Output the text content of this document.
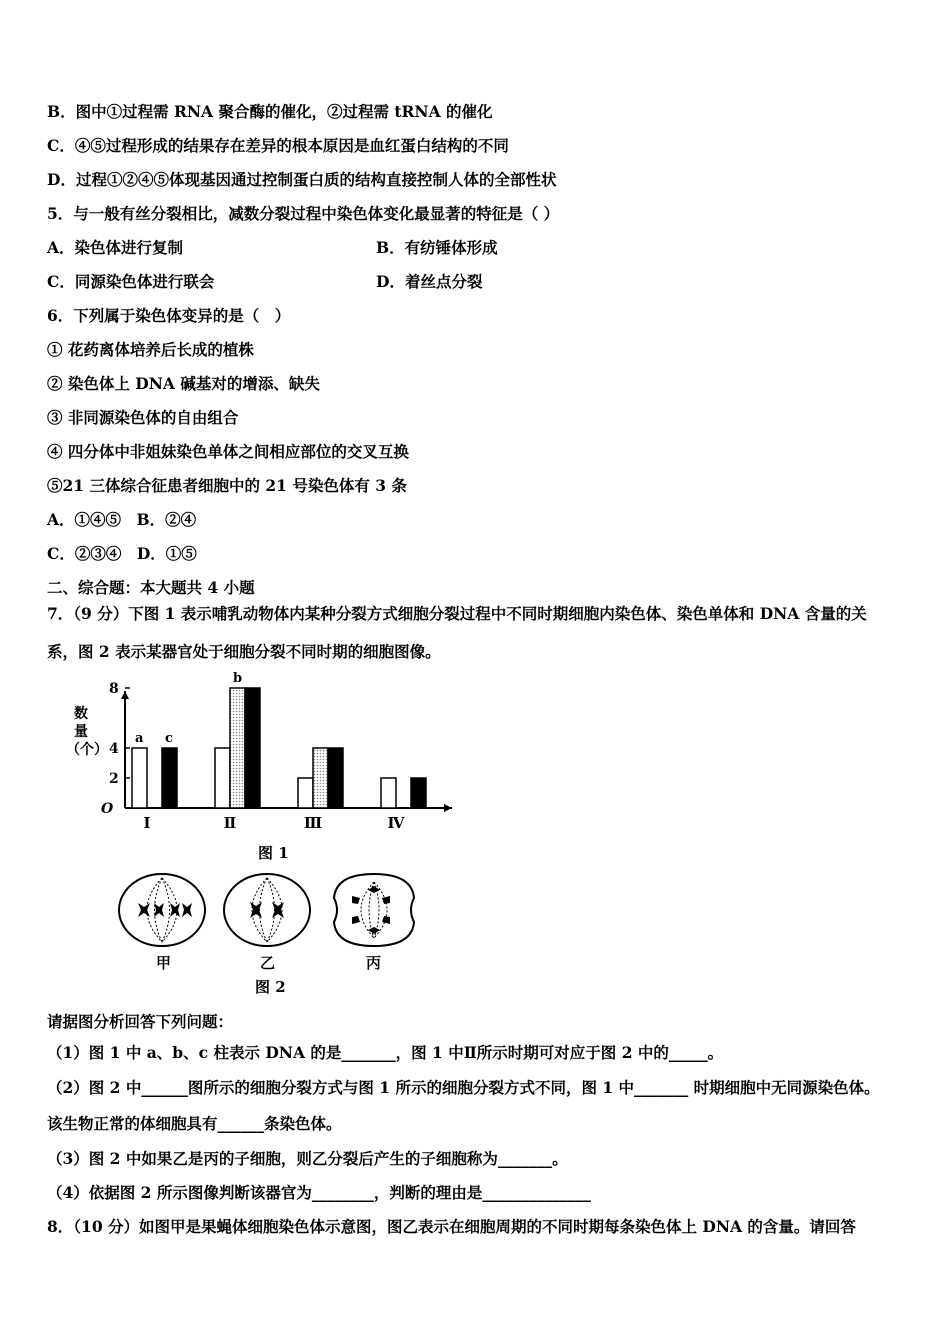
B．图中①过程需 RNA 聚合酶的催化，②过程需 tRNA 的催化
C．④⑤过程形成的结果存在差异的根本原因是血红蛋白结构的不同
D．过程①②④⑤体现基因通过控制蛋白质的结构直接控制人体的全部性状
5．与一般有丝分裂相比，减数分裂过程中染色体变化最显著的特征是（ ）
A．染色体进行复制	B．有纺锤体形成
C．同源染色体进行联会	D．着丝点分裂
6．下列属于染色体变异的是（　）
① 花药离体培养后长成的植株
② 染色体上 DNA 碱基对的增添、缺失
③ 非同源染色体的自由组合
④ 四分体中非姐妹染色单体之间相应部位的交叉互换
⑤21 三体综合征患者细胞中的 21 号染色体有 3 条
A．①④⑤　B．②④
C．②③④　D．①⑤
二、综合题：本大题共 4 小题
7．（9 分）下图 1 表示哺乳动物体内某种分裂方式细胞分裂过程中不同时期细胞内染色体、染色单体和 DNA 含量的关
系，图 2 表示某器官处于细胞分裂不同时期的细胞图像。
数
量
（个）
O
2
4
8
a c
Ⅰ
b
Ⅱ	Ⅲ	Ⅳ
图 1
甲	乙	丙
图 2
请据图分析回答下列问题：
（1）图 1 中 a、b、c 柱表示 DNA 的是_______，图 1 中Ⅱ所示时期可对应于图 2 中的_____。
（2）图 2 中______图所示的细胞分裂方式与图 1 所示的细胞分裂方式不同，图 1 中_______ 时期细胞中无同源染色体。
该生物正常的体细胞具有______条染色体。
（3）图 2 中如果乙是丙的子细胞，则乙分裂后产生的子细胞称为_______。
（4）依据图 2 所示图像判断该器官为________，判断的理由是______________
8．（10 分）如图甲是果蝇体细胞染色体示意图，图乙表示在细胞周期的不同时期每条染色体上 DNA 的含量。请回答
